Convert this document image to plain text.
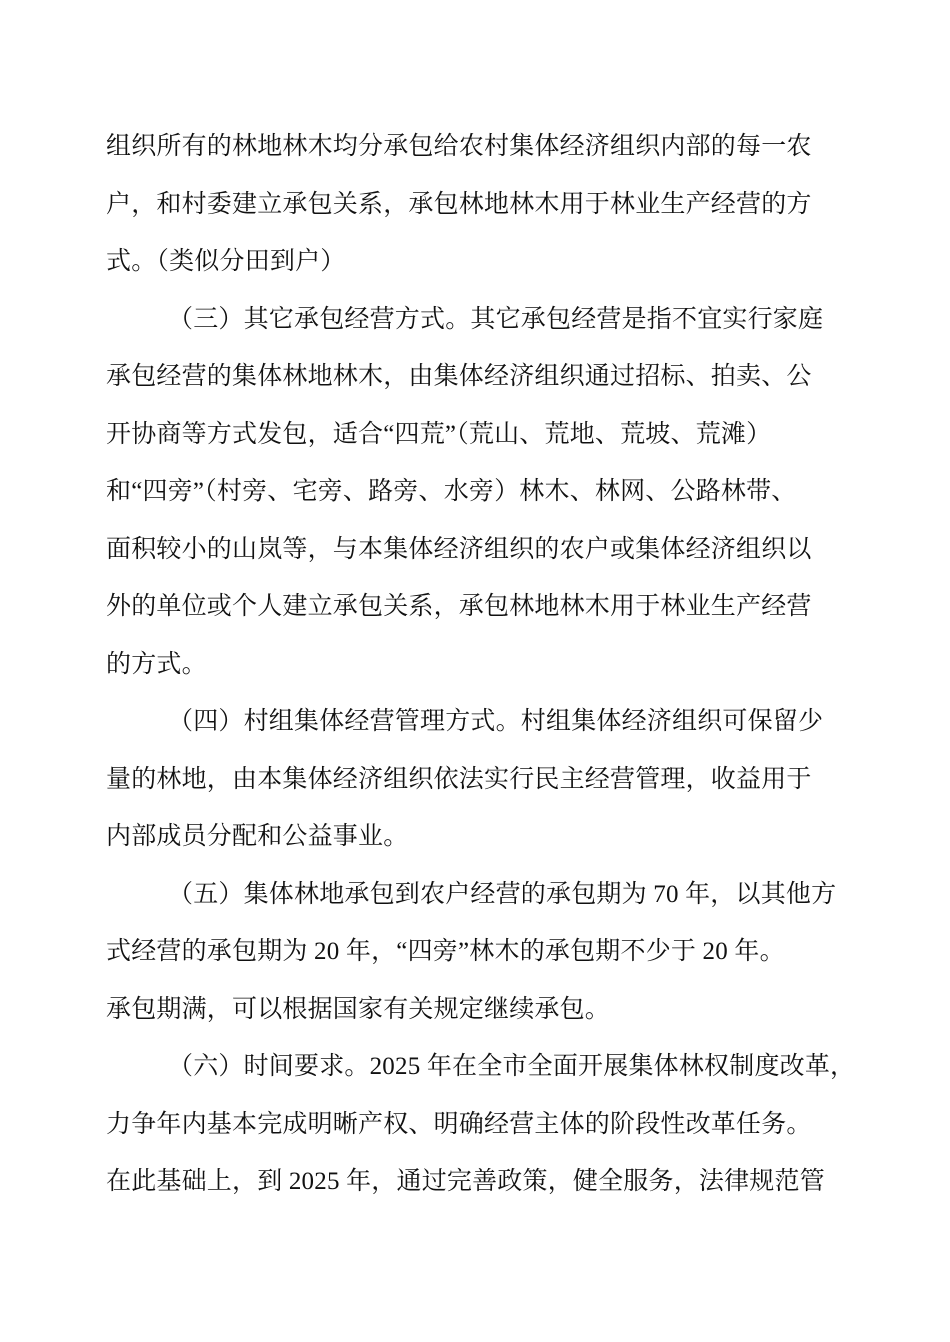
组织所有的林地林木均分承包给农村集体经济组织内部的每一农
户，和村委建立承包关系，承包林地林木用于林业生产经营的方
式。（类似分田到户）
（三）其它承包经营方式。其它承包经营是指不宜实行家庭
承包经营的集体林地林木，由集体经济组织通过招标、拍卖、公
开协商等方式发包，适合“四荒”（荒山、荒地、荒坡、荒滩）
和“四旁”（村旁、宅旁、路旁、水旁）林木、林网、公路林带、
面积较小的山岚等，与本集体经济组织的农户或集体经济组织以
外的单位或个人建立承包关系，承包林地林木用于林业生产经营
的方式。
（四）村组集体经营管理方式。村组集体经济组织可保留少
量的林地，由本集体经济组织依法实行民主经营管理，收益用于
内部成员分配和公益事业。
（五）集体林地承包到农户经营的承包期为 70 年，以其他方
式经营的承包期为 20 年，“四旁”林木的承包期不少于 20 年。
承包期满，可以根据国家有关规定继续承包。
（六）时间要求。2025 年在全市全面开展集体林权制度改革，
力争年内基本完成明晰产权、明确经营主体的阶段性改革任务。
在此基础上，到 2025 年，通过完善政策，健全服务，法律规范管
